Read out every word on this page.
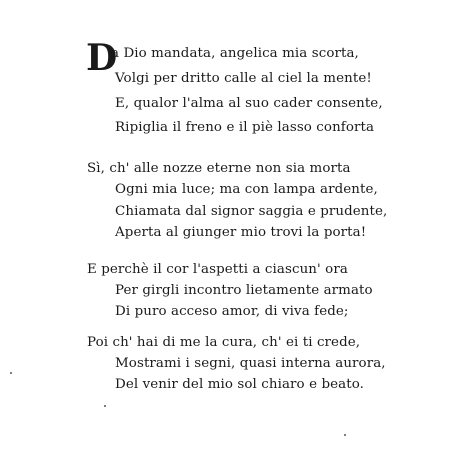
D
a Dio mandata, angelica mia scorta,
Volgi per dritto calle al ciel la mente!
E, qualor l'alma al suo cader consente,
Ripiglia il freno e il piè lasso conforta
Sì, ch' alle nozze eterne non sia morta
Ogni mia luce; ma con lampa ardente,
Chiamata dal signor saggia e prudente,
Aperta al giunger mio trovi la porta!
E perchè il cor l'aspetti a ciascun' ora
Per girgli incontro lietamente armato
Di puro acceso amor, di viva fede;
Poi ch' hai di me la cura, ch' ei ti crede,
Mostrami i segni, quasi interna aurora,
Del venir del mio sol chiaro e beato.
